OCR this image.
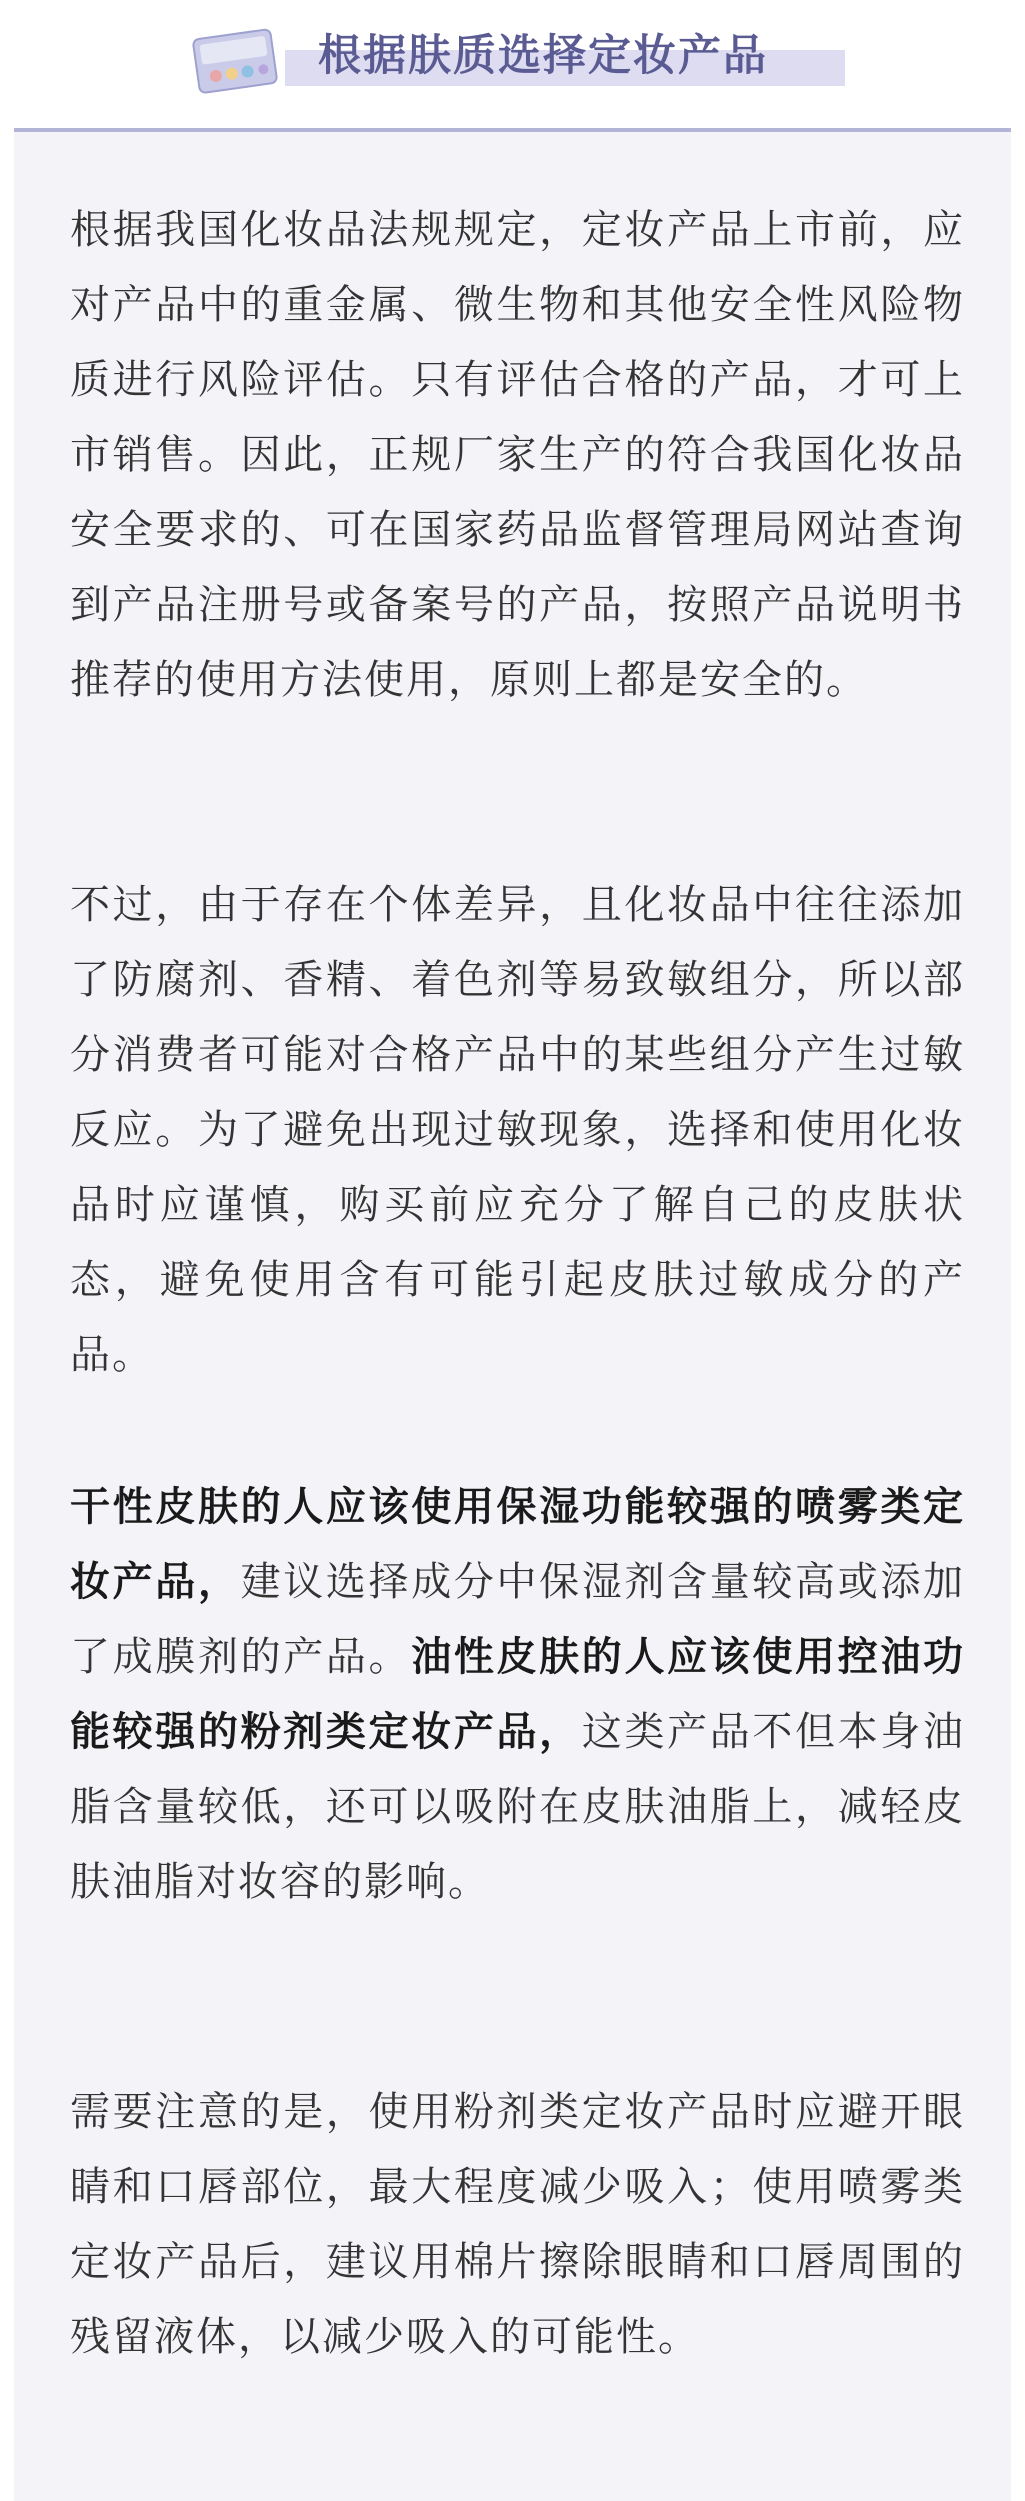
根据肤质选择定妆产品

根据我国化妆品法规规定，定妆产品上市前，应对产品中的重金属、微生物和其他安全性风险物质进行风险评估。只有评估合格的产品，才可上市销售。因此，正规厂家生产的符合我国化妆品安全要求的、可在国家药品监督管理局网站查询到产品注册号或备案号的产品，按照产品说明书推荐的使用方法使用，原则上都是安全的。

不过，由于存在个体差异，且化妆品中往往添加了防腐剂、香精、着色剂等易致敏组分，所以部分消费者可能对合格产品中的某些组分产生过敏反应。为了避免出现过敏现象，选择和使用化妆品时应谨慎，购买前应充分了解自己的皮肤状态，避免使用含有可能引起皮肤过敏成分的产品。

干性皮肤的人应该使用保湿功能较强的喷雾类定妆产品，建议选择成分中保湿剂含量较高或添加了成膜剂的产品。油性皮肤的人应该使用控油功能较强的粉剂类定妆产品，这类产品不但本身油脂含量较低，还可以吸附在皮肤油脂上，减轻皮肤油脂对妆容的影响。

需要注意的是，使用粉剂类定妆产品时应避开眼睛和口唇部位，最大程度减少吸入；使用喷雾类定妆产品后，建议用棉片擦除眼睛和口唇周围的残留液体，以减少吸入的可能性。
